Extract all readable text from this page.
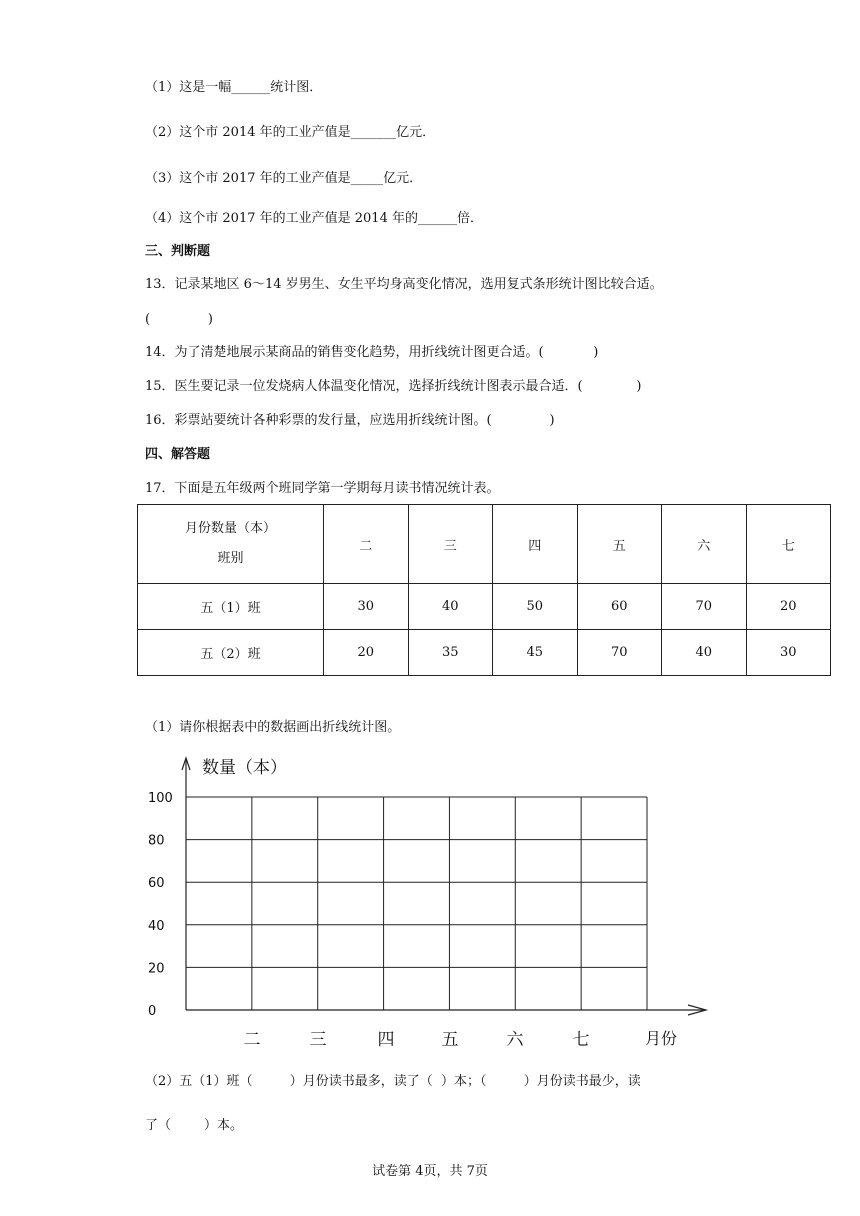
（1）这是一幅______统计图．
（2）这个市 2014 年的工业产值是_______亿元．
（3）这个市 2017 年的工业产值是_____亿元．
（4）这个市 2017 年的工业产值是 2014 年的______倍．
三、判断题
13．记录某地区 6～14 岁男生、女生平均身高变化情况，选用复式条形统计图比较合适。
(              )
14．为了清楚地展示某商品的销售变化趋势，用折线统计图更合适。(            )
15．医生要记录一位发烧病人体温变化情况，选择折线统计图表示最合适．(             )
16．彩票站要统计各种彩票的发行量，应选用折线统计图。(              )
四、解答题
17．下面是五年级两个班同学第一学期每月读书情况统计表。
月份数量（本）
班别	二	三	四	五	六	七
五（1）班	30	40	50	60	70	20
五（2）班	20	35	45	70	40	30
（1）请你根据表中的数据画出折线统计图。
100
80
60
40
20
0
二	三	四	五	六	七
数量（本）
月份
（2）五（1）班（         ）月份读书最多，读了（  ）本；（         ）月份读书最少，读
了（        ）本。
试卷第 4页，共 7页
